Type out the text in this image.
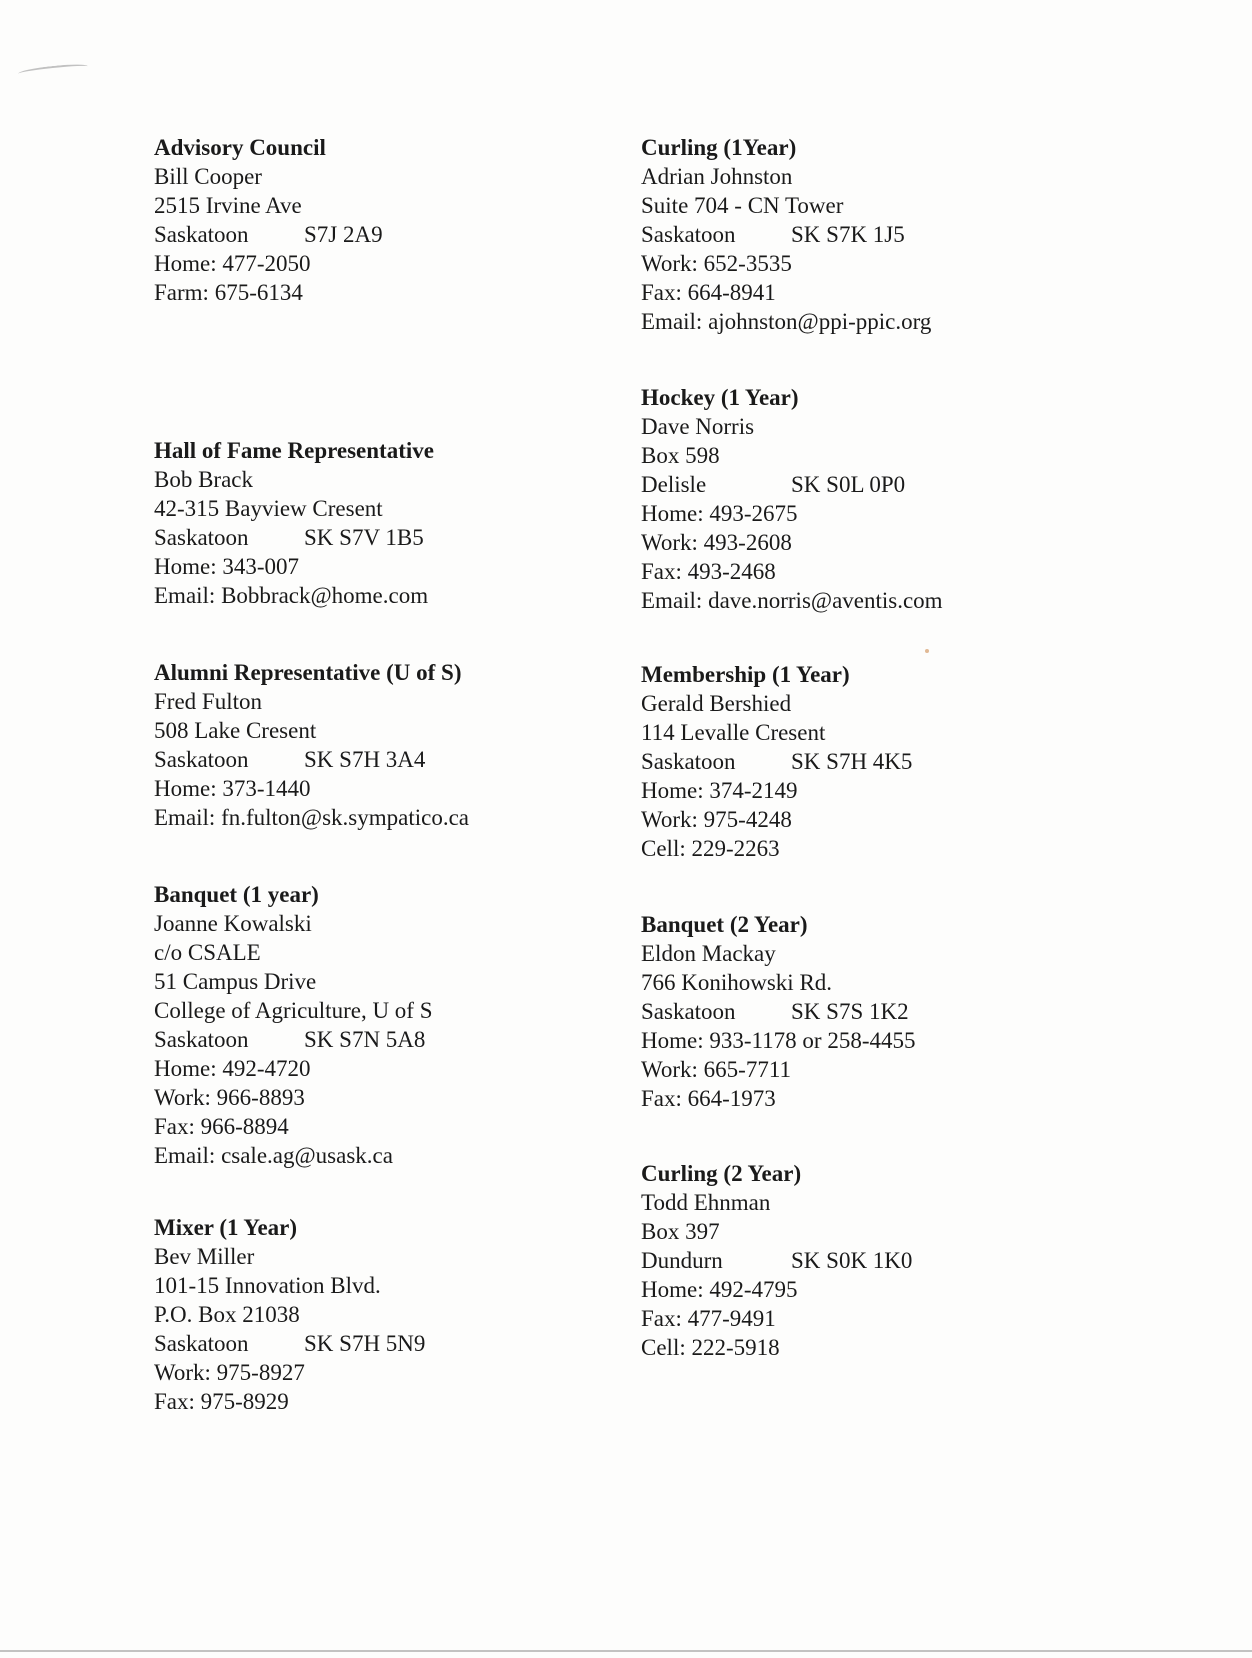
Advisory Council
Bill Cooper
2515 Irvine Ave
Saskatoon	S7J 2A9
Home: 477-2050
Farm: 675-6134
Hall of Fame Representative
Bob Brack
42-315 Bayview Cresent
Saskatoon	SK S7V 1B5
Home: 343-007
Email: Bobbrack@home.com
Alumni Representative (U of S)
Fred Fulton
508 Lake Cresent
Saskatoon	SK S7H 3A4
Home: 373-1440
Email: fn.fulton@sk.sympatico.ca
Banquet (1 year)
Joanne Kowalski
c/o CSALE
51 Campus Drive
College of Agriculture, U of S
Saskatoon	SK S7N 5A8
Home: 492-4720
Work: 966-8893
Fax: 966-8894
Email: csale.ag@usask.ca
Mixer (1 Year)
Bev Miller
101-15 Innovation Blvd.
P.O. Box 21038
Saskatoon	SK S7H 5N9
Work: 975-8927
Fax: 975-8929
Curling (1Year)
Adrian Johnston
Suite 704 - CN Tower
Saskatoon	SK S7K 1J5
Work: 652-3535
Fax: 664-8941
Email: ajohnston@ppi-ppic.org
Hockey (1 Year)
Dave Norris
Box 598
Delisle	SK S0L 0P0
Home: 493-2675
Work: 493-2608
Fax: 493-2468
Email: dave.norris@aventis.com
Membership (1 Year)
Gerald Bershied
114 Levalle Cresent
Saskatoon	SK S7H 4K5
Home: 374-2149
Work: 975-4248
Cell: 229-2263
Banquet (2 Year)
Eldon Mackay
766 Konihowski Rd.
Saskatoon	SK S7S 1K2
Home: 933-1178 or 258-4455
Work: 665-7711
Fax: 664-1973
Curling (2 Year)
Todd Ehnman
Box 397
Dundurn	SK S0K 1K0
Home: 492-4795
Fax: 477-9491
Cell: 222-5918
